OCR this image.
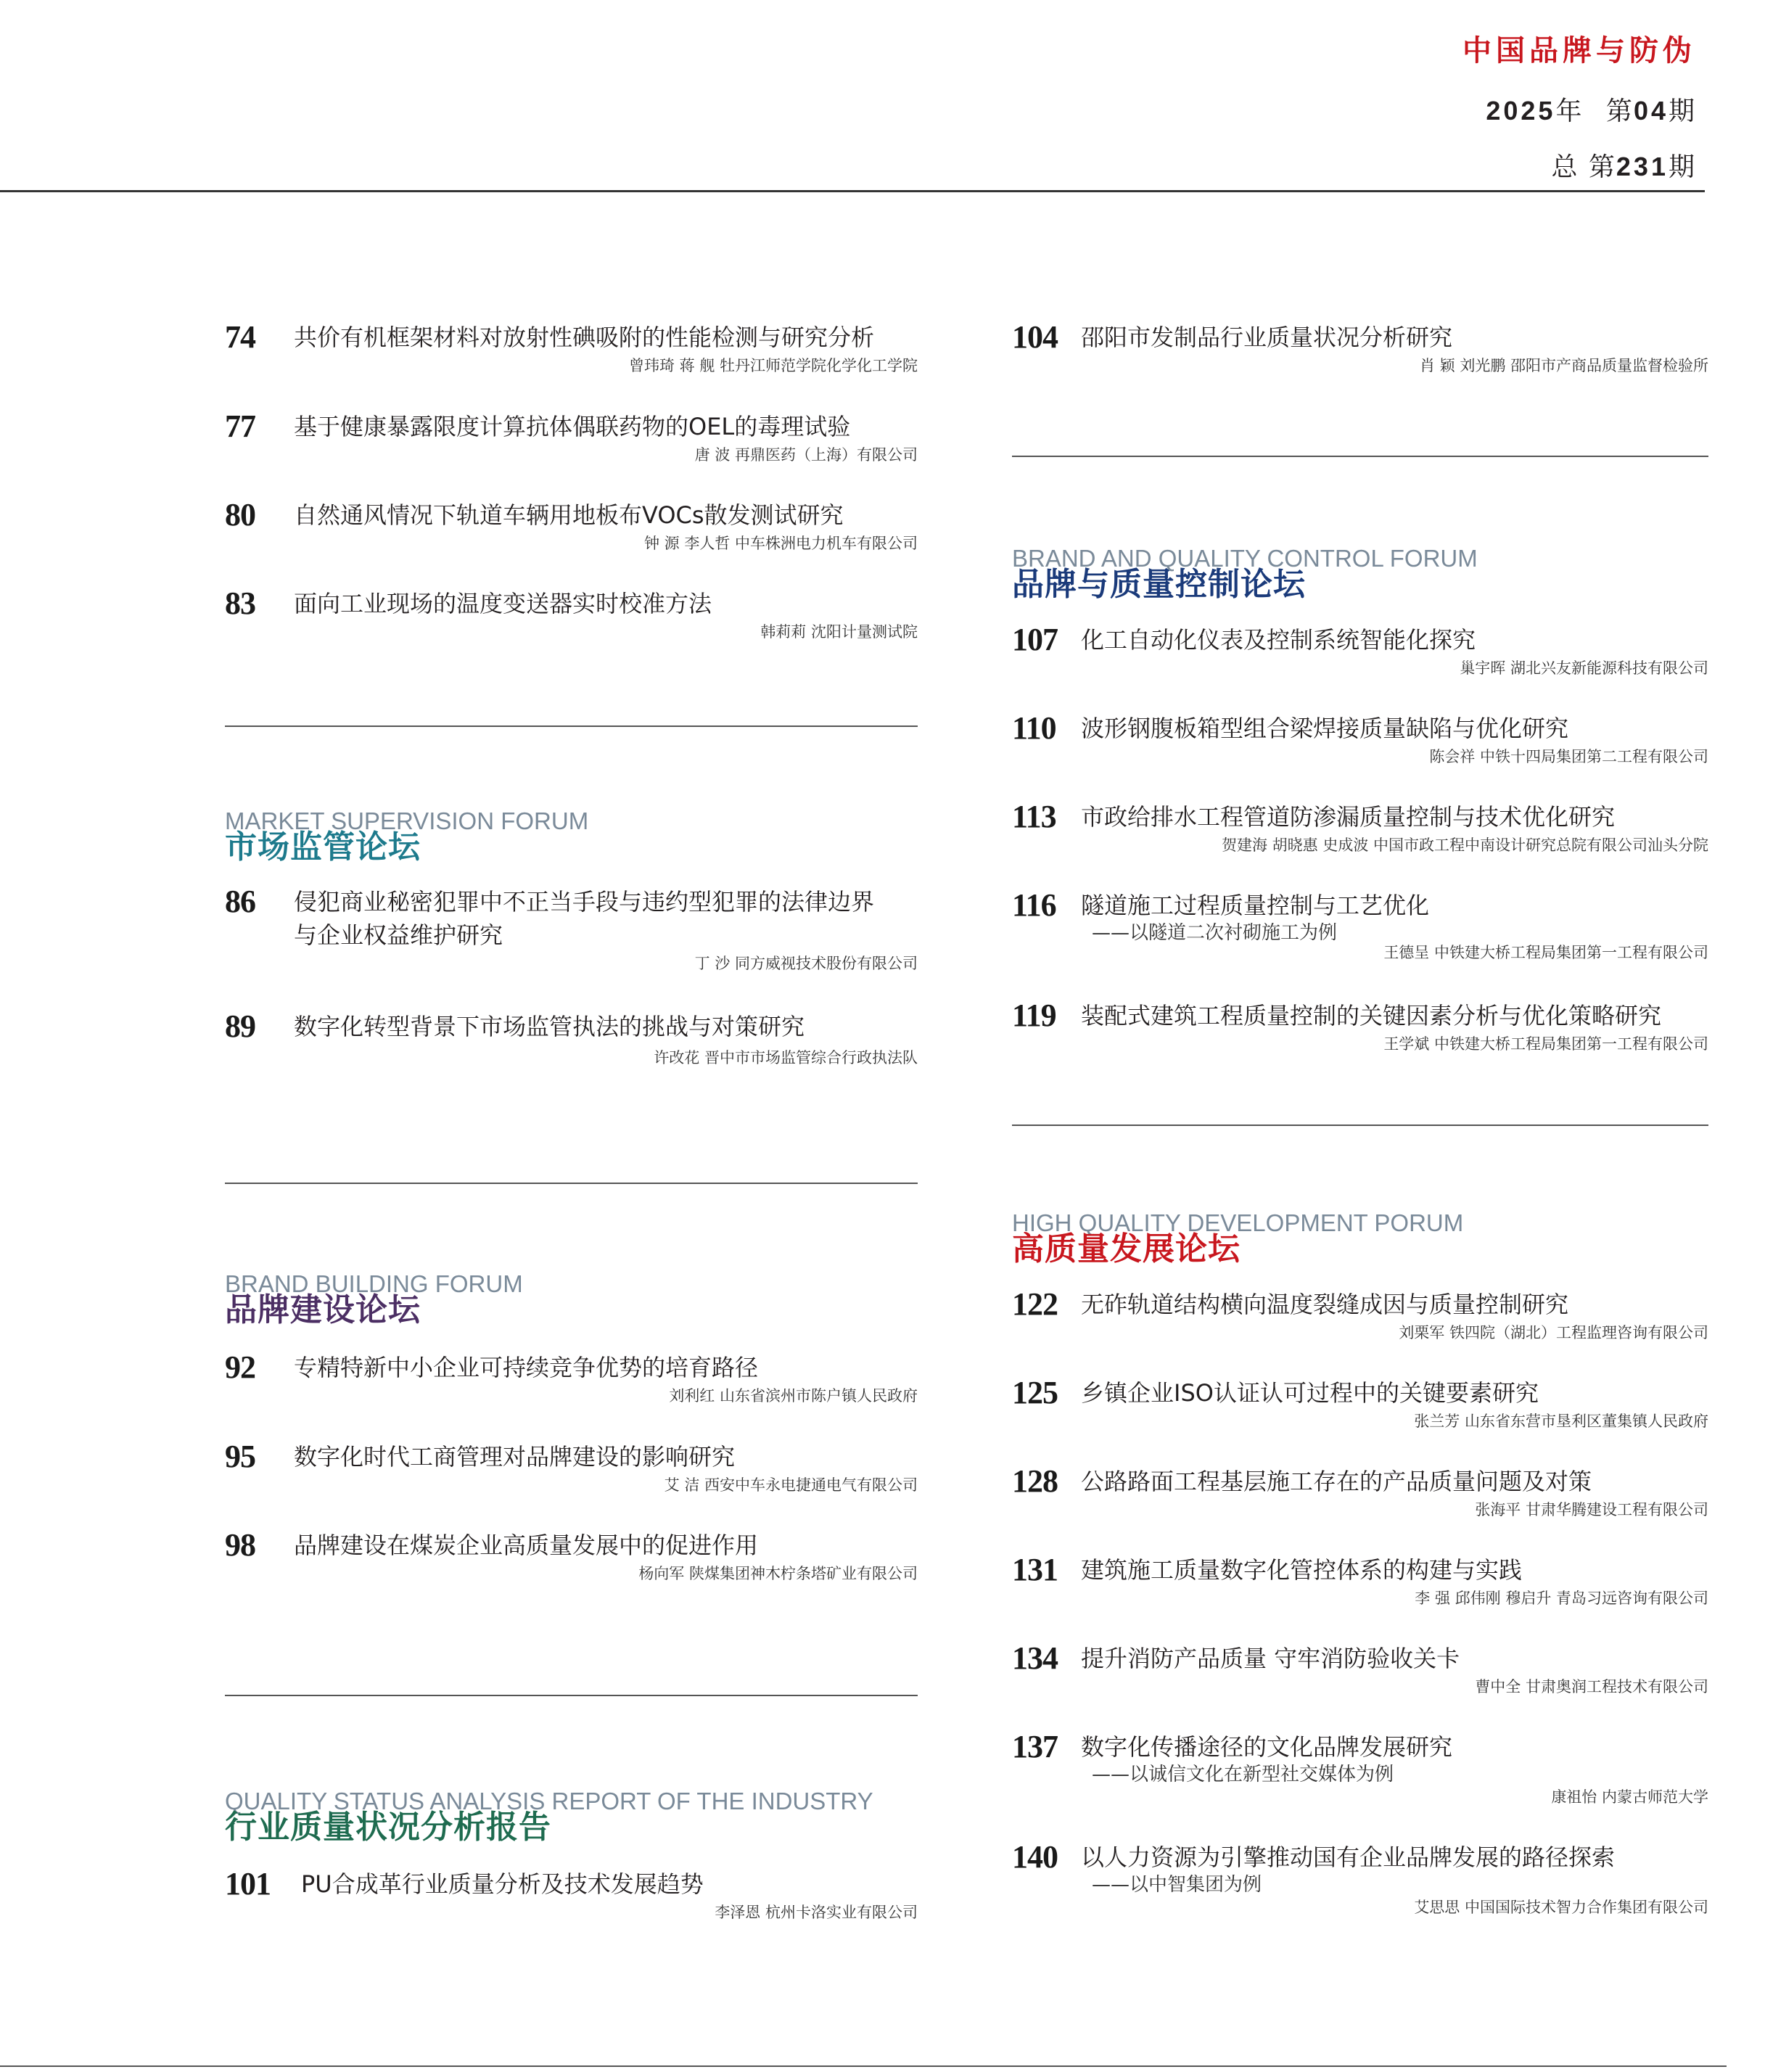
中国品牌与防伪
2025年 第04期
总 第231期
74 共价有机框架材料对放射性碘吸附的性能检测与研究分析
曾玮琦 蒋 舰 牡丹江师范学院化学化工学院
77 基于健康暴露限度计算抗体偶联药物的OEL的毒理试验
唐 波 再鼎医药（上海）有限公司
80 自然通风情况下轨道车辆用地板布VOCs散发测试研究
钟 源 李人哲 中车株洲电力机车有限公司
83 面向工业现场的温度变送器实时校准方法
韩莉莉 沈阳计量测试院
MARKET SUPERVISION FORUM
市场监管论坛
86 侵犯商业秘密犯罪中不正当手段与违约型犯罪的法律边界
与企业权益维护研究
丁 沙 同方威视技术股份有限公司
89 数字化转型背景下市场监管执法的挑战与对策研究
许改花 晋中市市场监管综合行政执法队
BRAND BUILDING FORUM
品牌建设论坛
92 专精特新中小企业可持续竞争优势的培育路径
刘利红 山东省滨州市陈户镇人民政府
95 数字化时代工商管理对品牌建设的影响研究
艾 洁 西安中车永电捷通电气有限公司
98 品牌建设在煤炭企业高质量发展中的促进作用
杨向军 陕煤集团神木柠条塔矿业有限公司
QUALITY STATUS ANALYSIS REPORT OF THE INDUSTRY
行业质量状况分析报告
101 PU合成革行业质量分析及技术发展趋势
李泽恩 杭州卡洛实业有限公司
104 邵阳市发制品行业质量状况分析研究
肖 颖 刘光鹏 邵阳市产商品质量监督检验所
BRAND AND QUALITY CONTROL FORUM
品牌与质量控制论坛
107 化工自动化仪表及控制系统智能化探究
巢宇晖 湖北兴友新能源科技有限公司
110 波形钢腹板箱型组合梁焊接质量缺陷与优化研究
陈会祥 中铁十四局集团第二工程有限公司
113 市政给排水工程管道防渗漏质量控制与技术优化研究
贺建海 胡晓惠 史成波 中国市政工程中南设计研究总院有限公司汕头分院
116 隧道施工过程质量控制与工艺优化
——以隧道二次衬砌施工为例
王德呈 中铁建大桥工程局集团第一工程有限公司
119 装配式建筑工程质量控制的关键因素分析与优化策略研究
王学斌 中铁建大桥工程局集团第一工程有限公司
HIGH QUALITY DEVELOPMENT PORUM
高质量发展论坛
122 无砟轨道结构横向温度裂缝成因与质量控制研究
刘栗军 铁四院（湖北）工程监理咨询有限公司
125 乡镇企业ISO认证认可过程中的关键要素研究
张兰芳 山东省东营市垦利区董集镇人民政府
128 公路路面工程基层施工存在的产品质量问题及对策
张海平 甘肃华腾建设工程有限公司
131 建筑施工质量数字化管控体系的构建与实践
李 强 邱伟刚 穆启升 青岛习远咨询有限公司
134 提升消防产品质量 守牢消防验收关卡
曹中全 甘肃奥润工程技术有限公司
137 数字化传播途径的文化品牌发展研究
——以诚信文化在新型社交媒体为例
康祖怡 内蒙古师范大学
140 以人力资源为引擎推动国有企业品牌发展的路径探索
——以中智集团为例
艾思思 中国国际技术智力合作集团有限公司
